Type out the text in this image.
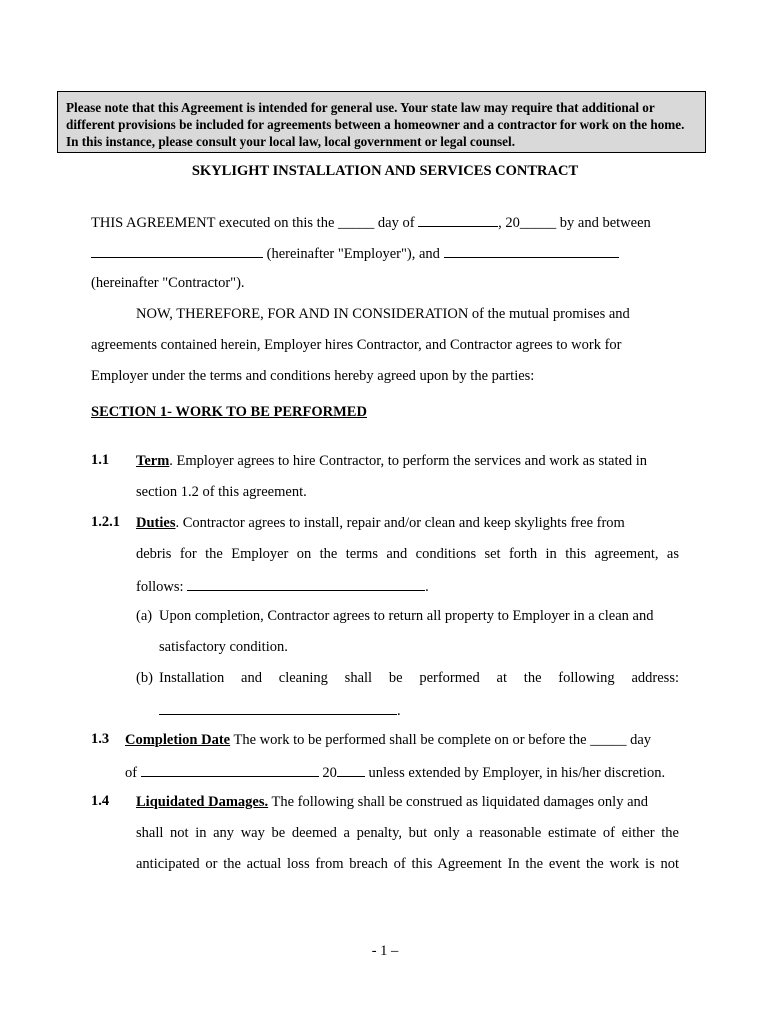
Please note that this Agreement is intended for general use. Your state law may require that additional or different provisions be included for agreements between a homeowner and a contractor for work on the home. In this instance, please consult your local law, local government or legal counsel.
SKYLIGHT INSTALLATION AND SERVICES CONTRACT
THIS AGREEMENT executed on this the _____ day of	, 20_____ by and between
(hereinafter "Employer"), and
(hereinafter "Contractor").
NOW, THEREFORE, FOR AND IN CONSIDERATION of the mutual promises and
agreements contained herein, Employer hires Contractor, and Contractor agrees to work for
Employer under the terms and conditions hereby agreed upon by the parties:
SECTION 1- WORK TO BE PERFORMED
1.1 Term. Employer agrees to hire Contractor, to perform the services and work as stated in
section 1.2 of this agreement.
1.2.1 Duties. Contractor agrees to install, repair and/or clean and keep skylights free from
debris for the Employer on the terms and conditions set forth in this agreement, as
follows:	.
(a) Upon completion, Contractor agrees to return all property to Employer in a clean and
satisfactory condition.
(b) Installation and cleaning shall be performed at the following address:
.
1.3 Completion Date The work to be performed shall be complete on or before the _____ day
of	20 unless extended by Employer, in his/her discretion.
1.4 Liquidated Damages. The following shall be construed as liquidated damages only and
shall not in any way be deemed a penalty, but only a reasonable estimate of either the
anticipated or the actual loss from breach of this Agreement In the event the work is not
- 1 –
